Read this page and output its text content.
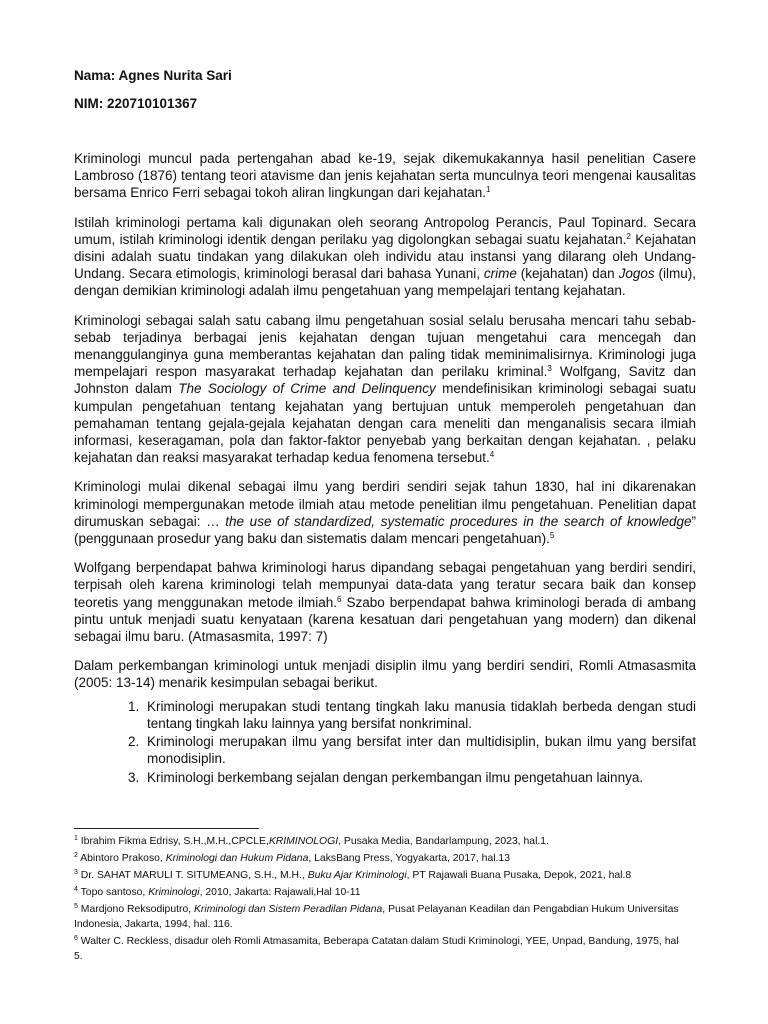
Nama: Agnes Nurita Sari
NIM: 220710101367

Kriminologi muncul pada pertengahan abad ke-19, sejak dikemukakannya hasil penelitian Casere Lambroso (1876) tentang teori atavisme dan jenis kejahatan serta munculnya teori mengenai kausalitas bersama Enrico Ferri sebagai tokoh aliran lingkungan dari kejahatan.$^1$

Istilah kriminologi pertama kali digunakan oleh seorang Antropolog Perancis, Paul Topinard. Secara umum, istilah kriminologi identik dengan perilaku yag digolongkan sebagai suatu kejahatan.$^2$ Kejahatan disini adalah suatu tindakan yang dilakukan oleh individu atau instansi yang dilarang oleh Undang-Undang. Secara etimologis, kriminologi berasal dari bahasa Yunani, crime (kejahatan) dan Jogos (ilmu), dengan demikian kriminologi adalah ilmu pengetahuan yang mempelajari tentang kejahatan.

Kriminologi sebagai salah satu cabang ilmu pengetahuan sosial selalu berusaha mencari tahu sebab-sebab terjadinya berbagai jenis kejahatan dengan tujuan mengetahui cara mencegah dan menanggulanginya guna memberantas kejahatan dan paling tidak meminimalisirnya. Kriminologi juga mempelajari respon masyarakat terhadap kejahatan dan perilaku kriminal.$^3$ Wolfgang, Savitz dan Johnston dalam The Sociology of Crime and Delinquency mendefinisikan kriminologi sebagai suatu kumpulan pengetahuan tentang kejahatan yang bertujuan untuk memperoleh pengetahuan dan pemahaman tentang gejala-gejala kejahatan dengan cara meneliti dan menganalisis secara ilmiah informasi, keseragaman, pola dan faktor-faktor penyebab yang berkaitan dengan kejahatan. , pelaku kejahatan dan reaksi masyarakat terhadap kedua fenomena tersebut.$^4$

Kriminologi mulai dikenal sebagai ilmu yang berdiri sendiri sejak tahun 1830, hal ini dikarenakan kriminologi mempergunakan metode ilmiah atau metode penelitian ilmu pengetahuan. Penelitian dapat dirumuskan sebagai: … the use of standardized, systematic procedures in the search of knowledge” (penggunaan prosedur yang baku dan sistematis dalam mencari pengetahuan).$^5$

Wolfgang berpendapat bahwa kriminologi harus dipandang sebagai pengetahuan yang berdiri sendiri, terpisah oleh karena kriminologi telah mempunyai data-data yang teratur secara baik dan konsep teoretis yang menggunakan metode ilmiah.$^6$ Szabo berpendapat bahwa kriminologi berada di ambang pintu untuk menjadi suatu kenyataan (karena kesatuan dari pengetahuan yang modern) dan dikenal sebagai ilmu baru. (Atmasasmita, 1997: 7)

Dalam perkembangan kriminologi untuk menjadi disiplin ilmu yang berdiri sendiri, Romli Atmasasmita (2005: 13-14) menarik kesimpulan sebagai berikut.

1. Kriminologi merupakan studi tentang tingkah laku manusia tidaklah berbeda dengan studi tentang tingkah laku lainnya yang bersifat nonkriminal.
2. Kriminologi merupakan ilmu yang bersifat inter dan multidisiplin, bukan ilmu yang bersifat monodisiplin.
3. Kriminologi berkembang sejalan dengan perkembangan ilmu pengetahuan lainnya.
$^1$ Ibrahim Fikma Edrisy, S.H.,M.H.,CPCLE,KRIMINOLOGI, Pusaka Media, Bandarlampung, 2023, hal.1.
$^2$ Abintoro Prakoso, Kriminologi dan Hukum Pidana, LaksBang Press, Yogyakarta, 2017, hal.13
$^3$ Dr. SAHAT MARULI T. SITUMEANG, S.H., M.H., Buku Ajar Kriminologi, PT Rajawali Buana Pusaka, Depok, 2021, hal.8
$^4$ Topo santoso, Kriminologi, 2010, Jakarta: Rajawali,Hal 10-11
$^5$ Mardjono Reksodiputro, Kriminologi dan Sistem Peradilan Pidana, Pusat Pelayanan Keadilan dan Pengabdian Hukum Universitas Indonesia, Jakarta, 1994, hal. 116.
$^6$ Walter C. Reckless, disadur oleh Romli Atmasamita, Beberapa Catatan dalam Studi Kriminologi, YEE, Unpad, Bandung, 1975, hal 5.
